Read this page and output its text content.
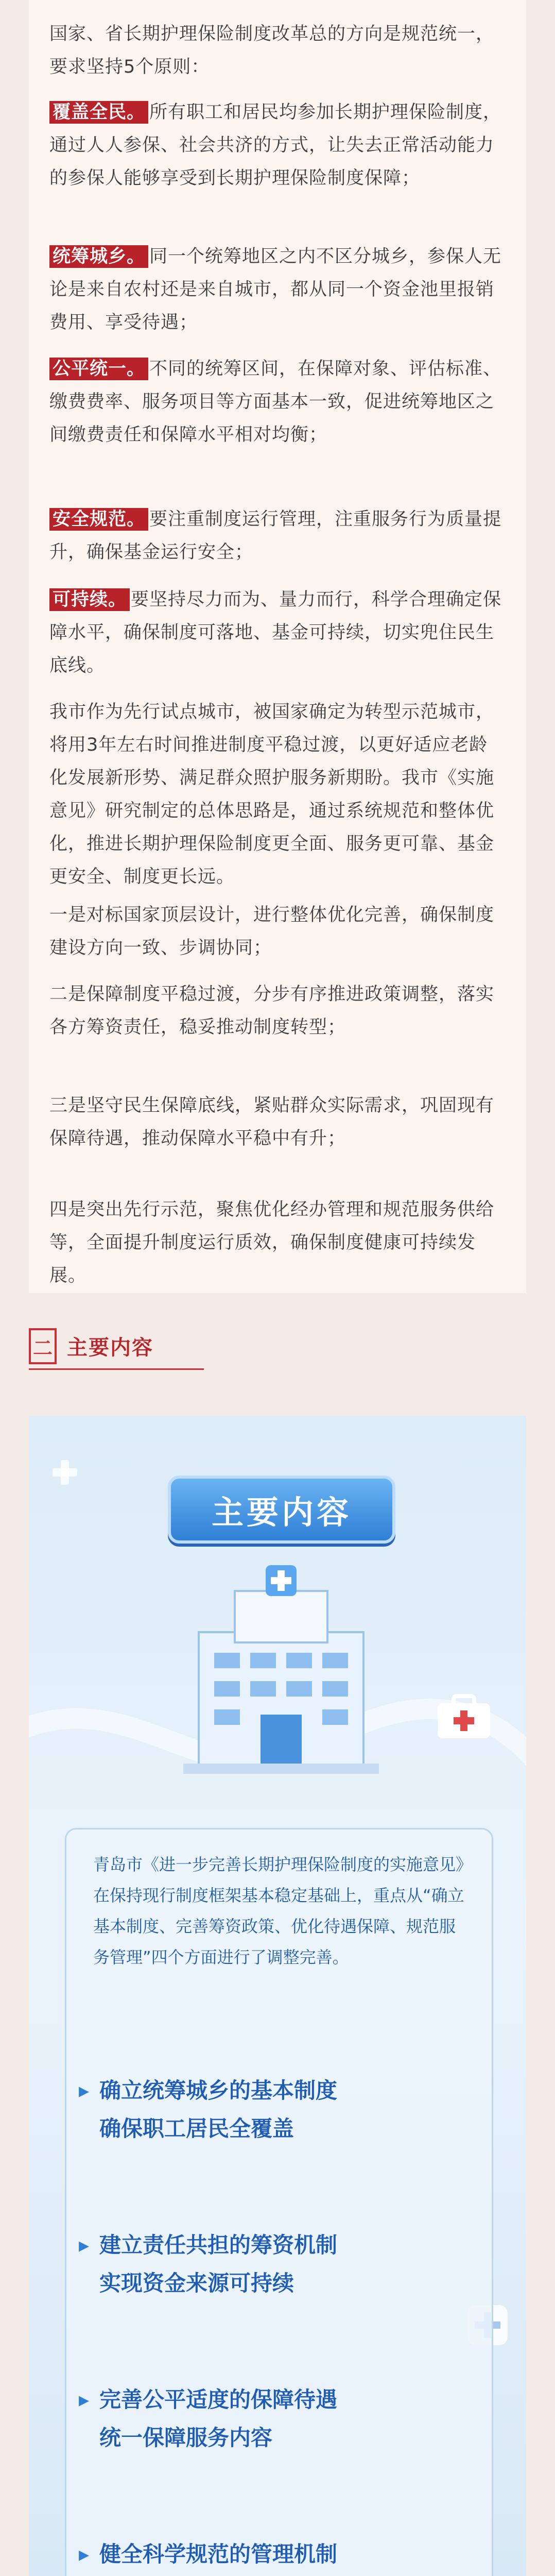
国家、省长期护理保险制度改革总的方向是规范统一，要求坚持5个原则：

覆盖全民。 所有职工和居民均参加长期护理保险制度，通过人人参保、社会共济的方式，让失去正常活动能力的参保人能够享受到长期护理保险制度保障；

统筹城乡。 同一个统筹地区之内不区分城乡，参保人无论是来自农村还是来自城市，都从同一个资金池里报销费用、享受待遇；

公平统一。 不同的统筹区间，在保障对象、评估标准、缴费费率、服务项目等方面基本一致，促进统筹地区之间缴费责任和保障水平相对均衡；

安全规范。 要注重制度运行管理，注重服务行为质量提升，确保基金运行安全；

可持续。 要坚持尽力而为、量力而行，科学合理确定保障水平，确保制度可落地、基金可持续，切实兜住民生底线。

我市作为先行试点城市，被国家确定为转型示范城市，将用3年左右时间推进制度平稳过渡，以更好适应老龄化发展新形势、满足群众照护服务新期盼。我市《实施意见》研究制定的总体思路是，通过系统规范和整体优化，推进长期护理保险制度更全面、服务更可靠、基金更安全、制度更长远。

一是对标国家顶层设计，进行整体优化完善，确保制度建设方向一致、步调协同；

二是保障制度平稳过渡，分步有序推进政策调整，落实各方筹资责任，稳妥推动制度转型；

三是坚守民生保障底线，紧贴群众实际需求，巩固现有保障待遇，推动保障水平稳中有升；

四是突出先行示范，聚焦优化经办管理和规范服务供给等，全面提升制度运行质效，确保制度健康可持续发展。

二 主要内容
主要内容

青岛市《进一步完善长期护理保险制度的实施意见》在保持现行制度框架基本稳定基础上，重点从“确立基本制度、完善筹资政策、优化待遇保障、规范服务管理”四个方面进行了调整完善。

▸ 确立统筹城乡的基本制度
确保职工居民全覆盖
▸ 建立责任共担的筹资机制
实现资金来源可持续
▸ 完善公平适度的保障待遇
统一保障服务内容
▸ 健全科学规范的管理机制
